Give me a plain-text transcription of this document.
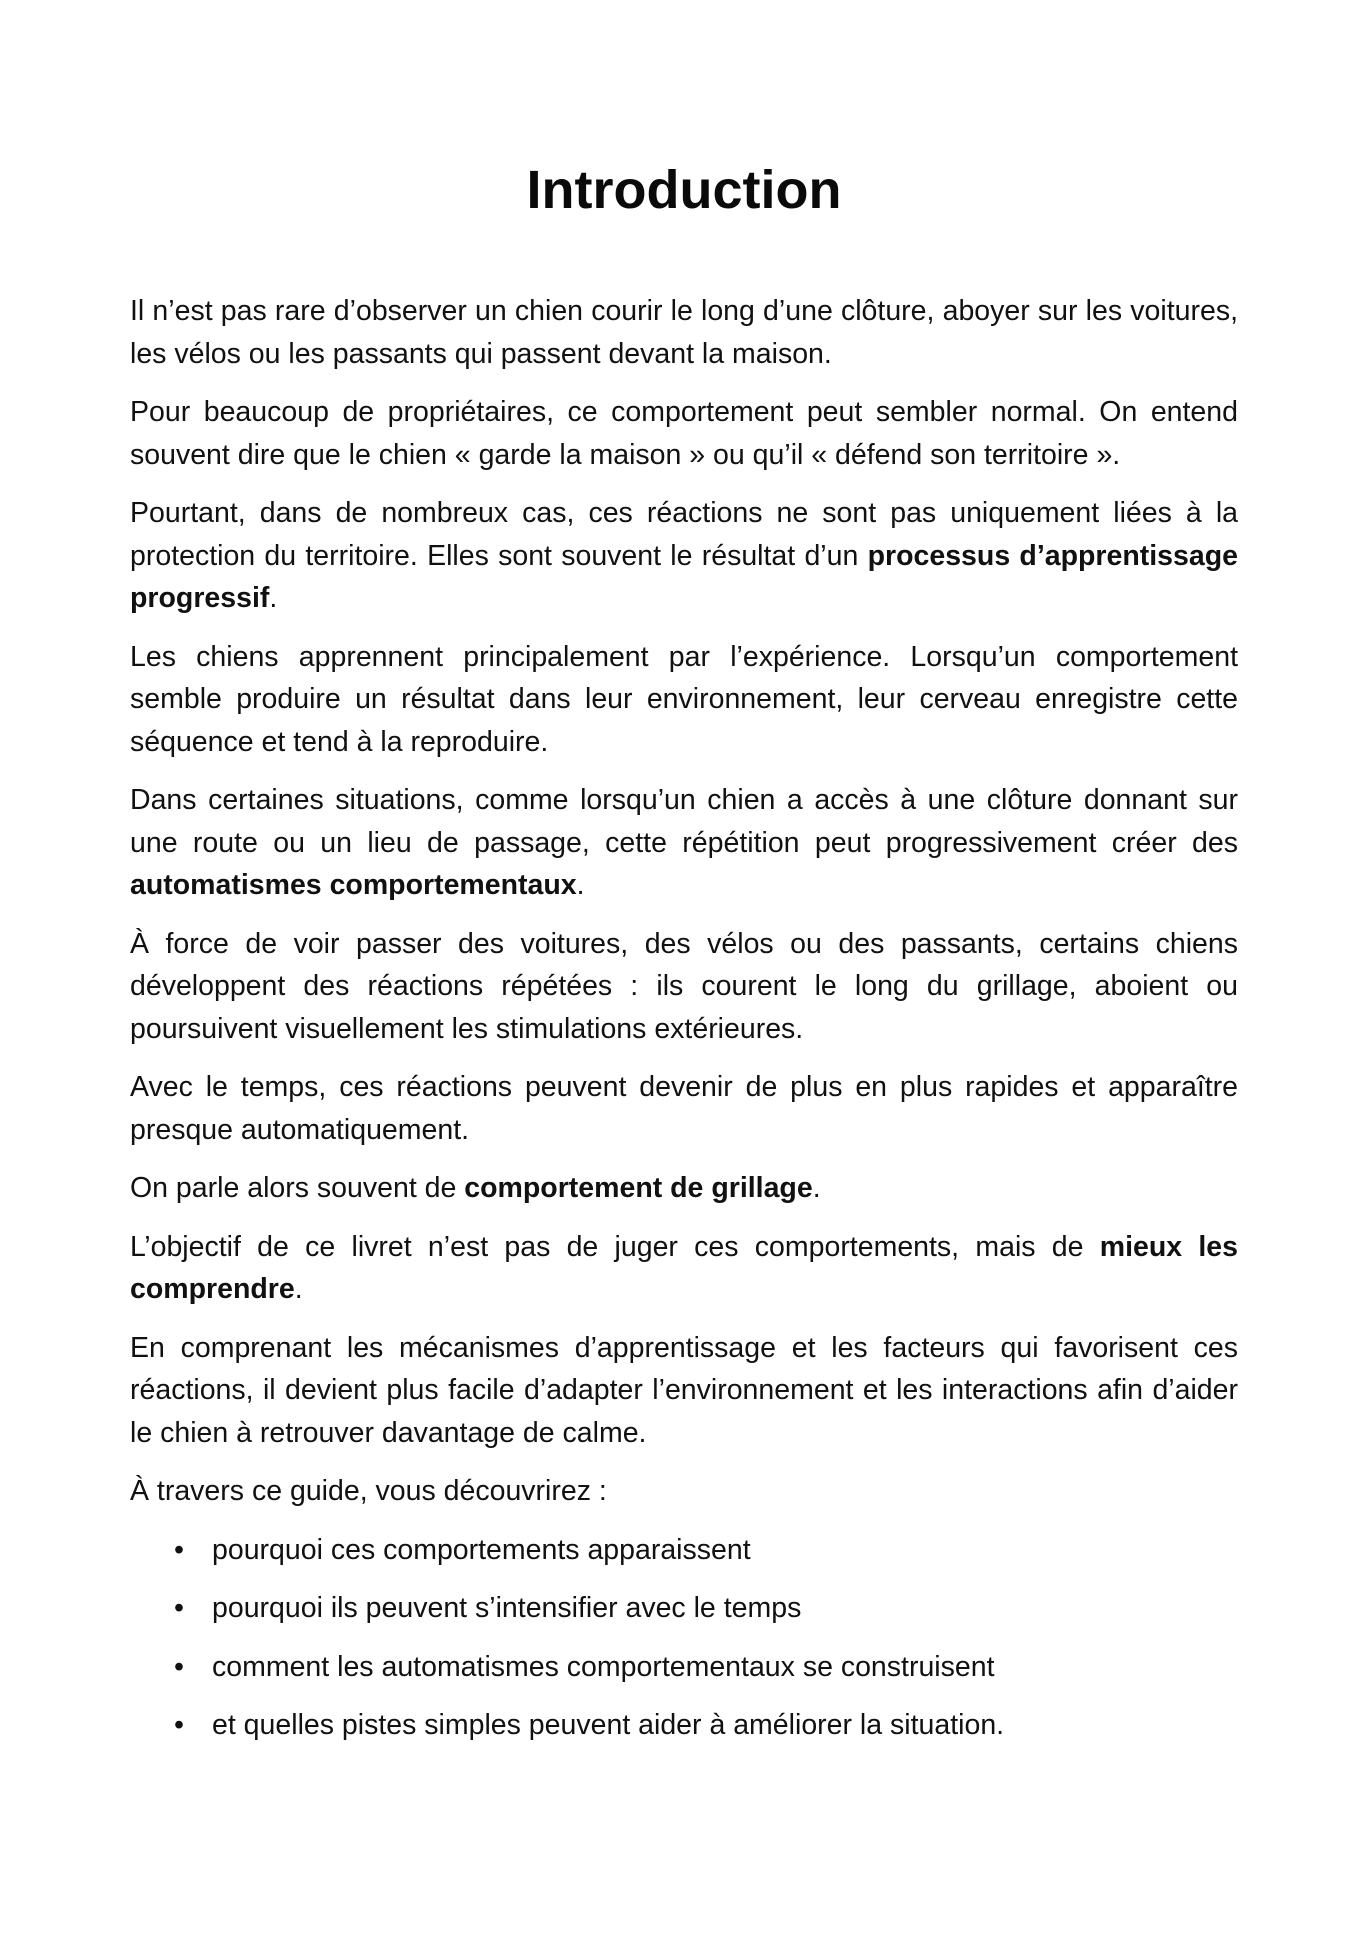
Introduction

Il n’est pas rare d’observer un chien courir le long d’une clôture, aboyer sur les voitures, les vélos ou les passants qui passent devant la maison.

Pour beaucoup de propriétaires, ce comportement peut sembler normal. On entend souvent dire que le chien « garde la maison » ou qu’il « défend son territoire ».

Pourtant, dans de nombreux cas, ces réactions ne sont pas uniquement liées à la protection du territoire. Elles sont souvent le résultat d’un processus d’apprentissage progressif.

Les chiens apprennent principalement par l’expérience. Lorsqu’un comportement semble produire un résultat dans leur environnement, leur cerveau enregistre cette séquence et tend à la reproduire.

Dans certaines situations, comme lorsqu’un chien a accès à une clôture donnant sur une route ou un lieu de passage, cette répétition peut progressivement créer des automatismes comportementaux.

À force de voir passer des voitures, des vélos ou des passants, certains chiens développent des réactions répétées : ils courent le long du grillage, aboient ou poursuivent visuellement les stimulations extérieures.

Avec le temps, ces réactions peuvent devenir de plus en plus rapides et apparaître presque automatiquement.

On parle alors souvent de comportement de grillage.

L’objectif de ce livret n’est pas de juger ces comportements, mais de mieux les comprendre.

En comprenant les mécanismes d’apprentissage et les facteurs qui favorisent ces réactions, il devient plus facile d’adapter l’environnement et les interactions afin d’aider le chien à retrouver davantage de calme.

À travers ce guide, vous découvrirez :

• pourquoi ces comportements apparaissent
• pourquoi ils peuvent s’intensifier avec le temps
• comment les automatismes comportementaux se construisent
• et quelles pistes simples peuvent aider à améliorer la situation.
